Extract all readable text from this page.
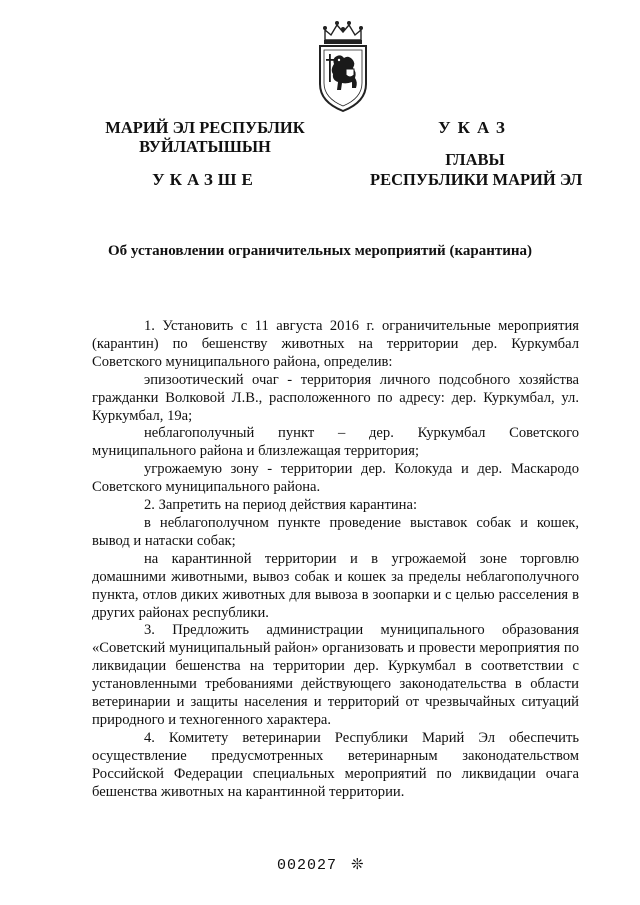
МАРИЙ ЭЛ РЕСПУБЛИК
ВУЙЛАТЫШЫН
УКАЗШЕ
УКАЗ
ГЛАВЫ
РЕСПУБЛИКИ МАРИЙ ЭЛ
Об установлении ограничительных мероприятий (карантина)

1. Установить с 11 августа 2016 г. ограничительные мероприятия (карантин) по бешенству животных на территории дер. Куркумбал Советского муниципального района, определив:

эпизоотический очаг - территория личного подсобного хозяйства гражданки Волковой Л.В., расположенного по адресу: дер. Куркумбал, ул. Куркумбал, 19а;

неблагополучный пункт – дер. Куркумбал Советского муниципального района и близлежащая территория;

угрожаемую зону - территории дер. Колокуда и дер. Маскародо Советского муниципального района.

2. Запретить на период действия карантина:

в неблагополучном пункте проведение выставок собак и кошек, вывод и натаски собак;

на карантинной территории и в угрожаемой зоне торговлю домашними животными, вывоз собак и кошек за пределы неблагополучного пункта, отлов диких животных для вывоза в зоопарки и с целью расселения в других районах республики.

3. Предложить администрации муниципального образования «Советский муниципальный район» организовать и провести мероприятия по ликвидации бешенства на территории дер. Куркумбал в соответствии с установленными требованиями действующего законодательства в области ветеринарии и защиты населения и территорий от чрезвычайных ситуаций природного и техногенного характера.

4. Комитету ветеринарии Республики Марий Эл обеспечить осуществление предусмотренных ветеринарным законодательством Российской Федерации специальных мероприятий по ликвидации очага бешенства животных на карантинной территории.

002027 ❊
